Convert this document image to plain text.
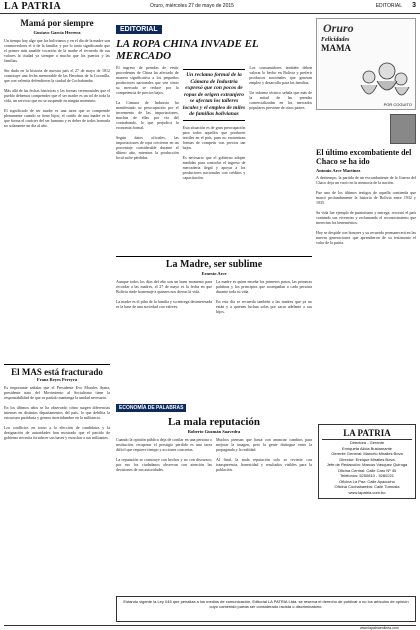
LA PATRIA	Oruro, miércoles 27 de mayo de 2015	EDITORIAL 3
Mamá por siempre
Gustavo García Herrera

Un tiempo hay algo que los bolivianos y en el día de la madre son conmovedores el ir de la familia; y por lo tanto significando que el primer más amable vocación de la madre el recuerdo de sus valores la ciudad ya siempre a mucho que los puertos y las familias.

Sin duda en la historia de nuestra país el 27 de mayo de 1812 constituye una fecha memorable de las Heroínas de la Coronilla, que con valentía defendieron la ciudad de Cochabamba.

Más allá de las fechas históricas y las formas ceremoniales que el pueblo debemos comprender que el ser madre es un rol de toda la vida, un servicio que no se suspende en ningún momento.

El significado de ser madre es una tarea que se comprende plenamente cuando se tiene hijos; el cariño de una madre es lo que forma el carácter del ser humano y es deber de todos honrarla no solamente un día al año.

El MAS está fracturado
Franz Reyes Pereyra

Es importante señalar que el Presidente Evo Morales Ayma, presidente nato del Movimiento al Socialismo tiene la responsabilidad de que su partido mantenga la unidad necesaria.

En los últimos años se ha observado cómo surgen diferencias internas en distintos departamentos del país, lo que debilita la estructura partidaria y genera incertidumbre en la militancia.

Los conflictos en torno a la elección de candidatos y la designación de autoridades han mostrado que el partido de gobierno necesita fortalecer sus bases y escuchar a sus militantes.

EDITORIAL
LA ROPA CHINA INVADE EL MERCADO

El ingreso de prendas de vestir procedentes de China ha afectado de manera significativa a los pequeños productores nacionales que ven cómo su mercado se reduce por la competencia de precios bajos.

La Cámara de Industria ha manifestado su preocupación por el incremento de las importaciones, muchas de ellas por vía del contrabando, lo que perjudica la economía formal.

Según datos oficiales, las importaciones de ropa crecieron en un porcentaje considerable durante el último año, mientras la producción local sufre pérdidas.

Un reclamo formal de la Cámara de Industria expresó que con pocos de ropas de origen extranjero se afectan los talleres locales y el empleo de miles de familias bolivianas

Esta situación es de gran preocupación para todos aquellos que producen textiles en el país, pues no encuentran formas de competir con precios tan bajos.

Es necesario que el gobierno adopte medidas para controlar el ingreso de mercadería ilegal y apoyar a los productores nacionales con créditos y capacitación.

Los consumidores también deben valorar lo hecho en Bolivia y preferir productos nacionales que generan empleo y desarrollo para las familias.

Un informe técnico señala que más de la mitad de las prendas comercializadas en los mercados populares proviene de otros países.

Oruro
Felicidades
MAMA
POR COGUITO
El último excombatiente del Chaco se ha ido
Antonio Arce Martínez

A destiempo, la partida de un excombatiente de la Guerra del Chaco deja un vacío en la memoria de la nación.

Fue uno de los últimos testigos de aquella contienda que marcó profundamente la historia de Bolivia entre 1932 y 1935.

Su vida fue ejemplo de patriotismo y entrega; recorrió el país contando sus vivencias y reclamando el reconocimiento que merecían los beneméritos.

Hoy se despide con honores y su recuerdo permanecerá en las nuevas generaciones que aprendieron de su testimonio el valor de la patria.

La Madre, ser sublime
Ernesto Arce

Aunque todos los días del año son un buen momento para recordar a las madres, el 27 de mayo es la fecha en que Bolivia rinde homenaje a quienes nos dieron la vida.

La madre es el pilar de la familia y su entrega desinteresada es la base de una sociedad con valores.

La madre es quien enseña los primeros pasos, las primeras palabras y los principios que acompañan a cada persona durante toda su vida.

En este día se recuerda también a las madres que ya no están y a quienes luchan solas por sacar adelante a sus hijos.

ECONOMÍA DE PALABRAS
La mala reputación
Roberto Guzmán Saavedra

Cuando la opinión pública deja de confiar en una persona o institución, recuperar el prestigio perdido es una tarea difícil que requiere tiempo y acciones concretas.

La reputación se construye con hechos y no con discursos; por eso los ciudadanos observan con atención las decisiones de sus autoridades.

Muchos piensan que basta con anunciar cambios para mejorar la imagen, pero la gente distingue entre la propaganda y la realidad.

Al final, la mala reputación solo se revierte con transparencia, honestidad y resultados visibles para la población.

LA PATRIA
Directora - Gerente
Enriqueta Alicia Bustamante
Gerente General: Marcelo Miralles Bova
Director: Enrique Miralles Bova
Jefe de Redacción: Marcos Vásquez Quiroga
Oficina Central: Calle Caro Nº 45
Teléfonos: 5250810 - 5280221
Oficina La Paz: Calle Ayacucho
Oficina Cochabamba: Calle Tumusla
www.lapatria.com.bo
Estando vigente la Ley 045 que penaliza a los medios de comunicación, Editorial LA PATRIA Ltda. se reserva el derecho de publicar o no los artículos de opinión cuyo contenido pueda ser considerado racista o discriminatorio.
www.lapatriaenlinea.com
